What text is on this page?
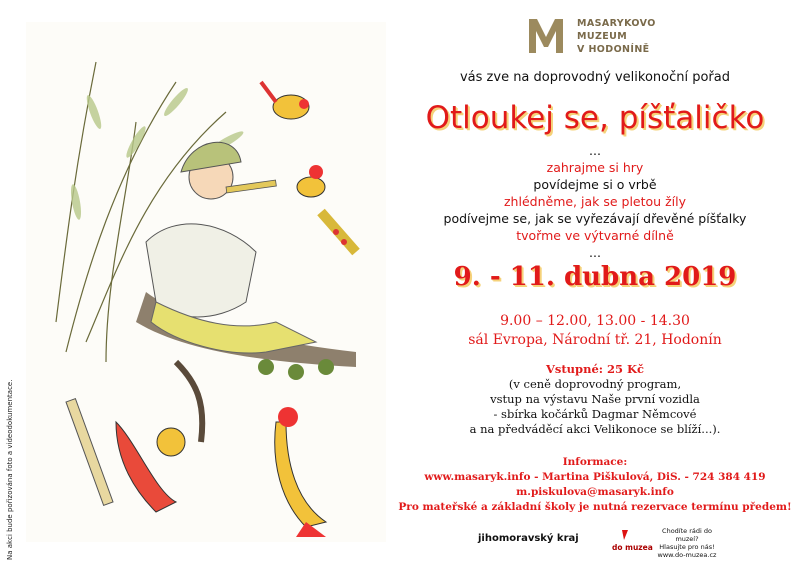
Na akci bude pořizována foto a videodokumentace.
MASARYKOVO
MUZEUM
V HODONÍNĚ
vás zve na doprovodný velikonoční pořad
Otloukej se, píšťaličko
...
zahrajme si hry
povídejme si o vrbě
zhlédněme, jak se pletou žíly
podívejme se, jak se vyřezávají dřevěné píšťalky
tvořme ve výtvarné dílně
...
9. - 11. dubna 2019
9.00 – 12.00, 13.00 - 14.30
sál Evropa, Národní tř. 21, Hodonín
Vstupné: 25 Kč
(v ceně doprovodný program,
vstup na výstavu Naše první vozidla
- sbírka kočárků Dagmar Němcové
a na předváděcí akci Velikonoce se blíží...).
Informace:
www.masaryk.info - Martina Piškulová, DiS. - 724 384 419
m.piskulova@masaryk.info
Pro mateřské a základní školy je nutná rezervace termínu předem!
jihomoravský kraj
do muzea
Chodíte rádi do muzeí?
Hlasujte pro nás!
www.do-muzea.cz
